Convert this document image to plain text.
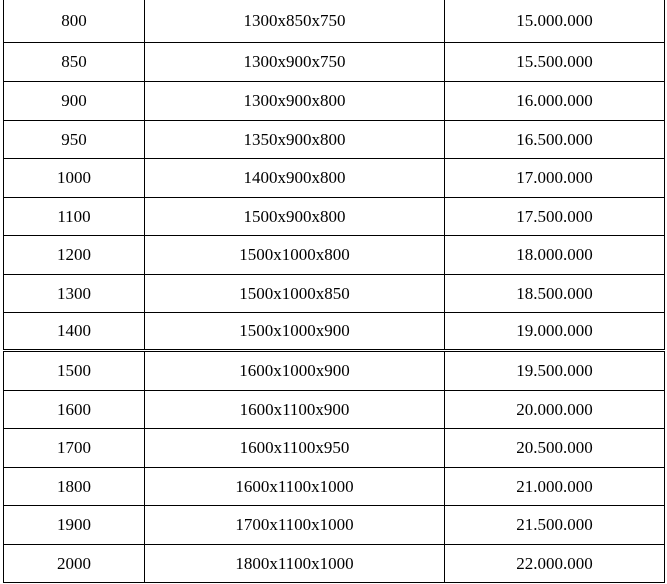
800	1300x850x750	15.000.000
850	1300x900x750	15.500.000
900	1300x900x800	16.000.000
950	1350x900x800	16.500.000
1000	1400x900x800	17.000.000
1100	1500x900x800	17.500.000
1200	1500x1000x800	18.000.000
1300	1500x1000x850	18.500.000
1400	1500x1000x900	19.000.000
1500	1600x1000x900	19.500.000
1600	1600x1100x900	20.000.000
1700	1600x1100x950	20.500.000
1800	1600x1100x1000	21.000.000
1900	1700x1100x1000	21.500.000
2000	1800x1100x1000	22.000.000
